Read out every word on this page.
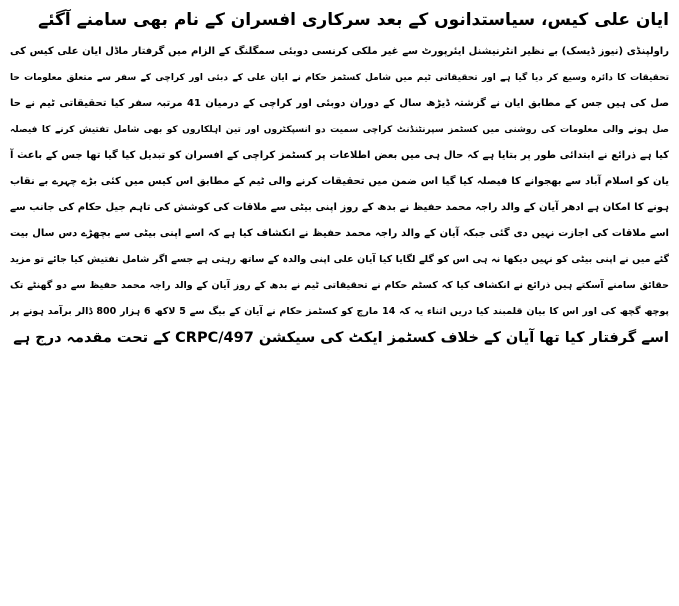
ایان علی کیس، سیاستدانوں کے بعد سرکاری افسران کے نام بھی سامنے آگئے
راولپنڈی (نیوز ڈیسک) بے نظیر انٹرنیشنل ایئرپورٹ سے غیر ملکی کرنسی دوبئی سمگلنگ کے الزام میں گرفتار ماڈل ایان علی کیس کی
تحقیقات کا دائرہ وسیع کر دیا گیا ہے اور تحقیقاتی ٹیم میں شامل کسٹمز حکام نے ایان علی کے دبئی اور کراچی کے سفر سے متعلق معلومات حا
صل کی ہیں جس کے مطابق ایان نے گزشتہ ڈیڑھ سال کے دوران دوبئی اور کراچی کے درمیان 41 مرتبہ سفر کیا تحقیقاتی ٹیم نے حا
صل ہونے والی معلومات کی روشنی میں کسٹمز سپرنٹنڈنٹ کراچی سمیت دو انسپکٹروں اور تین اہلکاروں کو بھی شامل تفتیش کرنے کا فیصلہ
کیا ہے ذرائع نے ابتدائی طور پر بتایا ہے کہ حال ہی میں بعض اطلاعات پر کسٹمز کراچی کے افسران کو تبدیل کیا گیا تھا جس کے باعث آ
یان کو اسلام آباد سے بھجوانے کا فیصلہ کیا گیا اس ضمن میں تحقیقات کرنے والی ٹیم کے مطابق اس کیس میں کئی بڑے چہرے بے نقاب
ہونے کا امکان ہے ادھر آیان کے والد راجہ محمد حفیظ نے بدھ کے روز اپنی بیٹی سے ملاقات کی کوشش کی تاہم جیل حکام کی جانب سے
اسے ملاقات کی اجازت نہیں دی گئی جبکہ آیان کے والد راجہ محمد حفیظ نے انکشاف کیا ہے کہ اسے اپنی بیٹی سے بچھڑے دس سال بیت
گئے میں نے اپنی بیٹی کو نہیں دیکھا نہ ہی اس کو گلے لگایا کیا آیان علی اپنی والدہ کے ساتھ رہتی ہے جسے اگر شامل تفتیش کیا جائے تو مزید
حقائق سامنے آسکتے ہیں ذرائع نے انکشاف کیا کہ کسٹم حکام نے تحقیقاتی ٹیم نے بدھ کے روز آیان کے والد راجہ محمد حفیظ سے دو گھنٹے تک
پوچھ گچھ کی اور اس کا بیان قلمبند کیا دریں اثناء یہ کہ 14 مارچ کو کسٹمز حکام نے آیان کے بیگ سے 5 لاکھ 6 ہزار 800 ڈالر برآمد ہونے پر
اسے گرفتار کیا تھا آیان کے خلاف کسٹمز ایکٹ کی سیکشن CRPC/497 کے تحت مقدمہ درج ہے
